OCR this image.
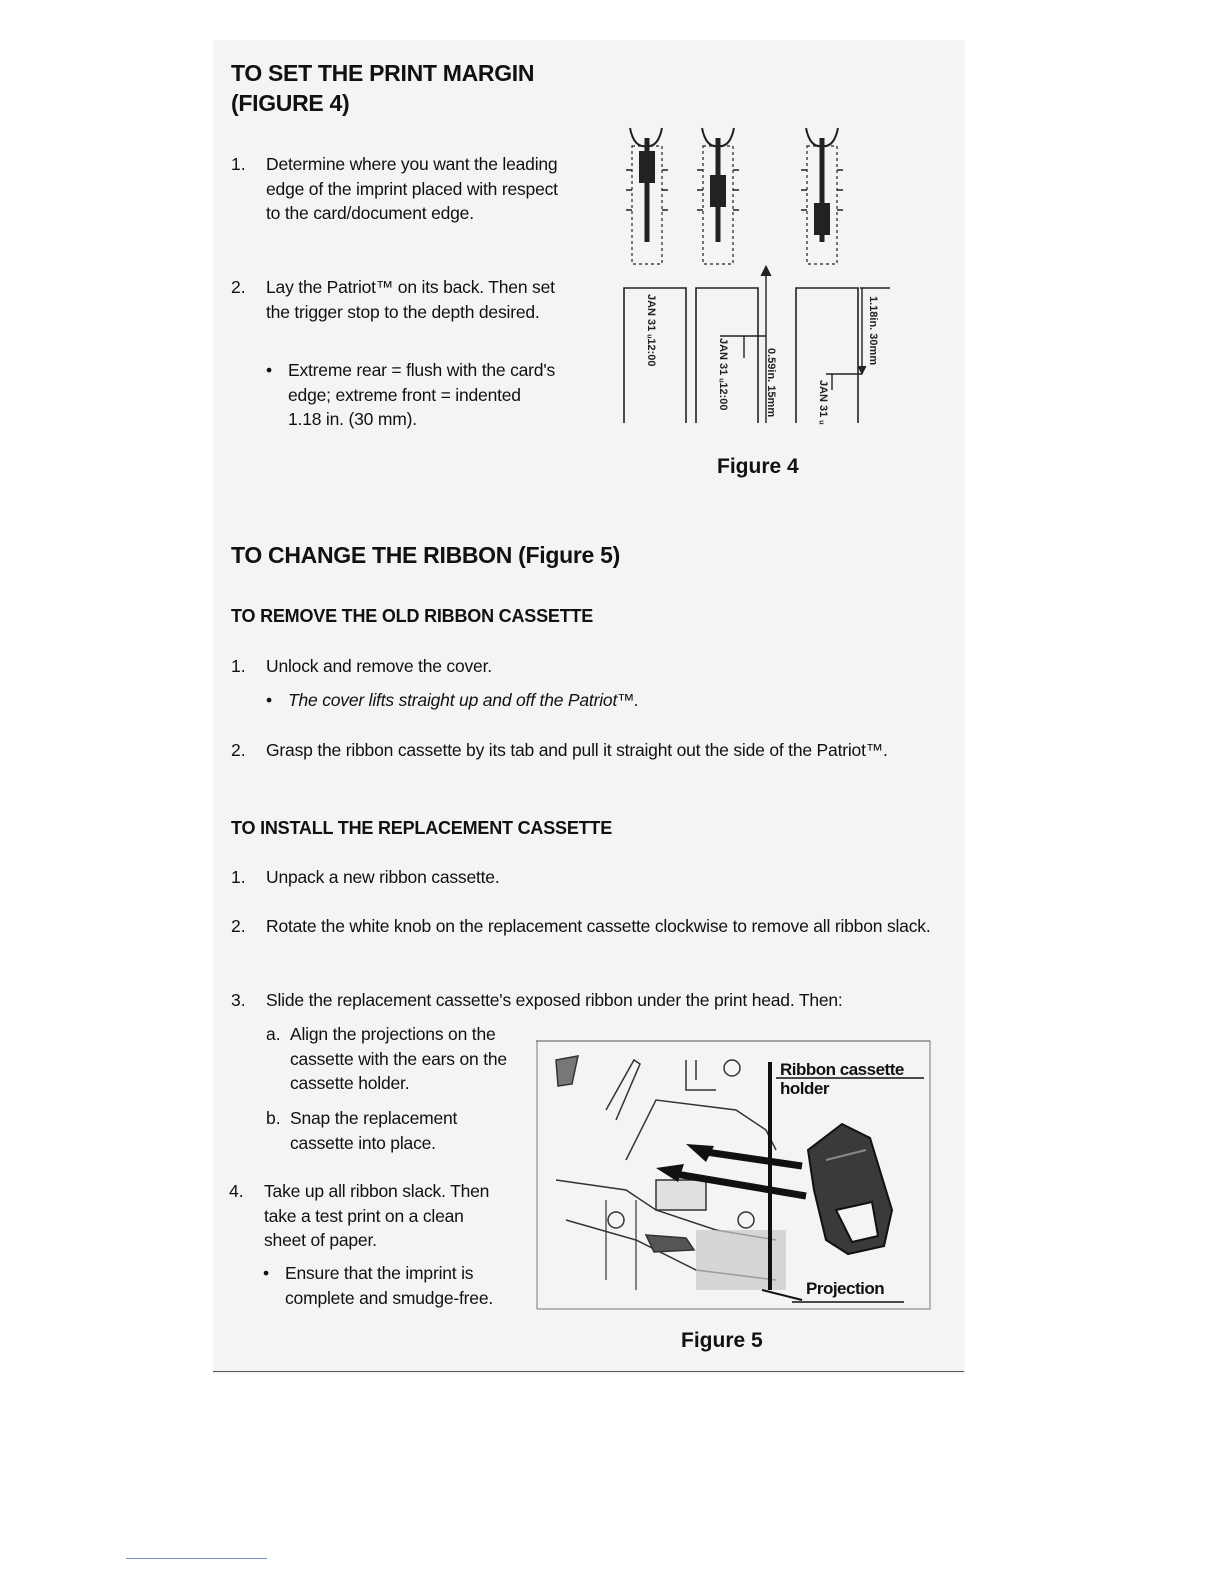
TO SET THE PRINT MARGIN
(FIGURE 4)
1. Determine where you want the leading edge of the imprint placed with respect to the card/document edge.
2. Lay the Patriot™ on its back. Then set the trigger stop to the depth desired.
• Extreme rear = flush with the card's edge; extreme front = indented 1.18 in. (30 mm).
JAN 31 ᵤ12:00
JAN 31 ᵤ12:00	JAN 31 ᵤ
0.59in. 15mm
1.18in. 30mm
Figure 4
TO CHANGE THE RIBBON (Figure 5)
TO REMOVE THE OLD RIBBON CASSETTE
1. Unlock and remove the cover.
• The cover lifts straight up and off the Patriot™.
2. Grasp the ribbon cassette by its tab and pull it straight out the side of the Patriot™.
TO INSTALL THE REPLACEMENT CASSETTE
1. Unpack a new ribbon cassette.
2. Rotate the white knob on the replacement cassette clockwise to remove all ribbon slack.
3. Slide the replacement cassette's exposed ribbon under the print head. Then:
a. Align the projections on the cassette with the ears on the cassette holder.
b. Snap the replacement cassette into place.
4. Take up all ribbon slack. Then take a test print on a clean sheet of paper.
• Ensure that the imprint is complete and smudge-free.
Ribbon cassette holder
Projection
Figure 5
